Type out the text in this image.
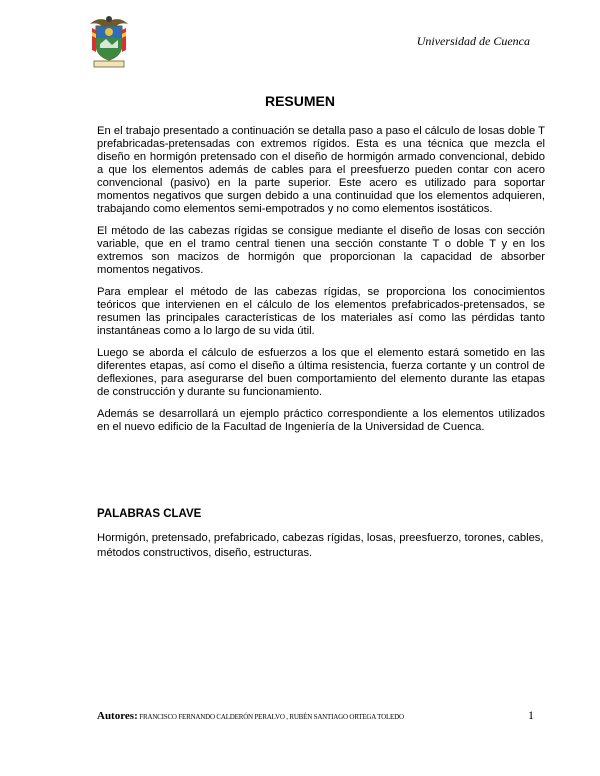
Universidad de Cuenca
RESUMEN

En el trabajo presentado a continuación se detalla paso a paso el cálculo de losas doble T prefabricadas-pretensadas con extremos rígidos. Esta es una técnica que mezcla el diseño en hormigón pretensado con el diseño de hormigón armado convencional, debido a que los elementos además de cables para el preesfuerzo pueden contar con acero convencional (pasivo) en la parte superior. Este acero es utilizado para soportar momentos negativos que surgen debido a una continuidad que los elementos adquieren, trabajando como elementos semi-empotrados y no como elementos isostáticos.

El método de las cabezas rígidas se consigue mediante el diseño de losas con sección variable, que en el tramo central tienen una sección constante T o doble T y en los extremos son macizos de hormigón que proporcionan la capacidad de absorber momentos negativos.

Para emplear el método de las cabezas rígidas, se proporciona los conocimientos teóricos que intervienen en el cálculo de los elementos prefabricados-pretensados, se resumen las principales características de los materiales así como las pérdidas tanto instantáneas como a lo largo de su vida útil.

Luego se aborda el cálculo de esfuerzos a los que el elemento estará sometido en las diferentes etapas, así como el diseño a última resistencia, fuerza cortante y un control de deflexiones, para asegurarse del buen comportamiento del elemento durante las etapas de construcción y durante su funcionamiento.

Además se desarrollará un ejemplo práctico correspondiente a los elementos utilizados en el nuevo edificio de la Facultad de Ingeniería de la Universidad de Cuenca.

PALABRAS CLAVE
Hormigón, pretensado, prefabricado, cabezas rígidas, losas, preesfuerzo, torones, cables, métodos constructivos, diseño, estructuras.
Autores: FRANCISCO FERNANDO CALDERÓN PERALVO , RUBÉN SANTIAGO ORTEGA TOLEDO	1
